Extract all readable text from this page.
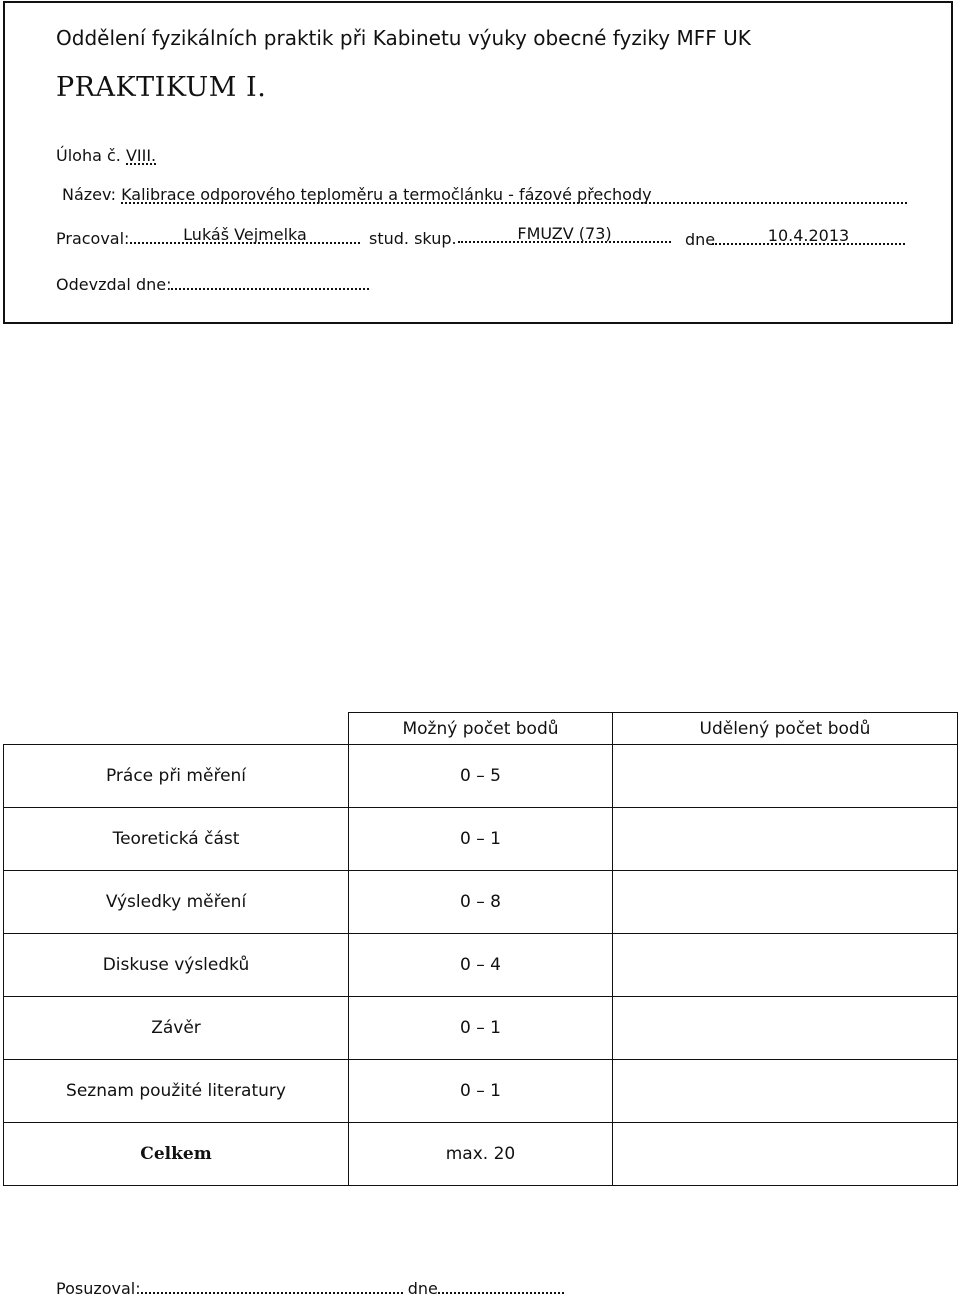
Oddělení fyzikálních praktik při Kabinetu výuky obecné fyziky MFF UK
PRAKTIKUM I.
Úloha č. VIII.
Název: Kalibrace odporového teploměru a termočlánku - fázové přechody
Pracoval:	Lukáš Vejmelka	stud. skup.	FMUZV (73)	dne	10.4.2013
Odevzdal dne:
	Možný počet bodů	Udělený počet bodů
Práce při měření	0 – 5	
Teoretická část	0 – 1	
Výsledky měření	0 – 8	
Diskuse výsledků	0 – 4	
Závěr	0 – 1	
Seznam použité literatury	0 – 1	
Celkem	max. 20	
Posuzoval:	dne
